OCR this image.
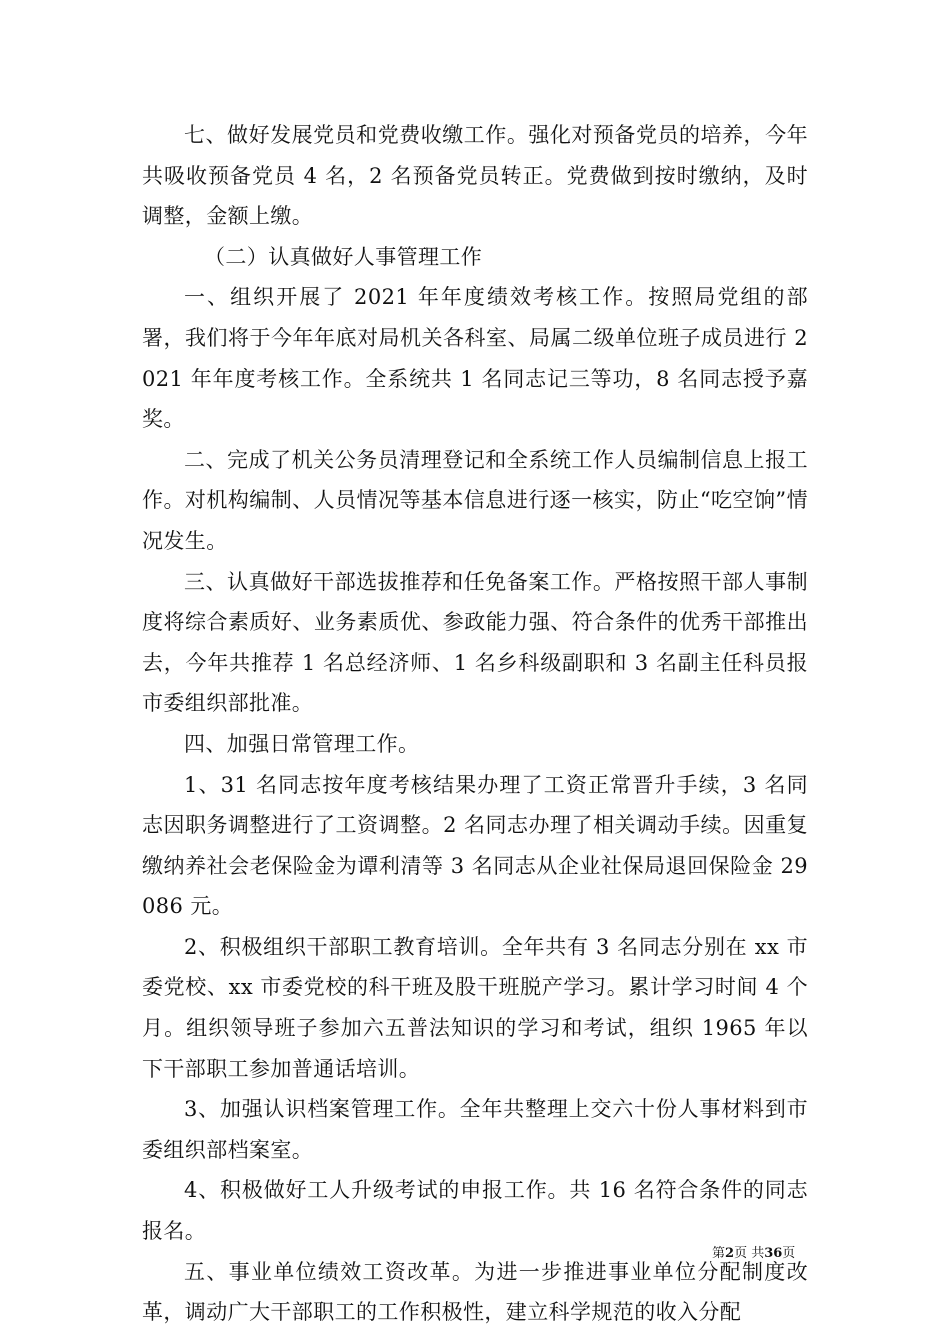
七、做好发展党员和党费收缴工作。强化对预备党员的培养，今年共吸收预备党员 4 名，2 名预备党员转正。党费做到按时缴纳，及时调整，金额上缴。

（二）认真做好人事管理工作

一、组织开展了 2021 年年度绩效考核工作。按照局党组的部署，我们将于今年年底对局机关各科室、局属二级单位班子成员进行 2021 年年度考核工作。全系统共 1 名同志记三等功，8 名同志授予嘉奖。

二、完成了机关公务员清理登记和全系统工作人员编制信息上报工作。对机构编制、人员情况等基本信息进行逐一核实，防止“吃空饷”情况发生。

三、认真做好干部选拔推荐和任免备案工作。严格按照干部人事制度将综合素质好、业务素质优、参政能力强、符合条件的优秀干部推出去，今年共推荐 1 名总经济师、1 名乡科级副职和 3 名副主任科员报市委组织部批准。

四、加强日常管理工作。

1、31 名同志按年度考核结果办理了工资正常晋升手续，3 名同志因职务调整进行了工资调整。2 名同志办理了相关调动手续。因重复缴纳养社会老保险金为谭利清等 3 名同志从企业社保局退回保险金 29086 元。

2、积极组织干部职工教育培训。全年共有 3 名同志分别在 xx 市委党校、xx 市委党校的科干班及股干班脱产学习。累计学习时间 4 个月。组织领导班子参加六五普法知识的学习和考试，组织 1965 年以下干部职工参加普通话培训。

3、加强认识档案管理工作。全年共整理上交六十份人事材料到市委组织部档案室。

4、积极做好工人升级考试的申报工作。共 16 名符合条件的同志报名。

五、事业单位绩效工资改革。为进一步推进事业单位分配制度改革，调动广大干部职工的工作积极性，建立科学规范的收入分配

第2页 共36页
